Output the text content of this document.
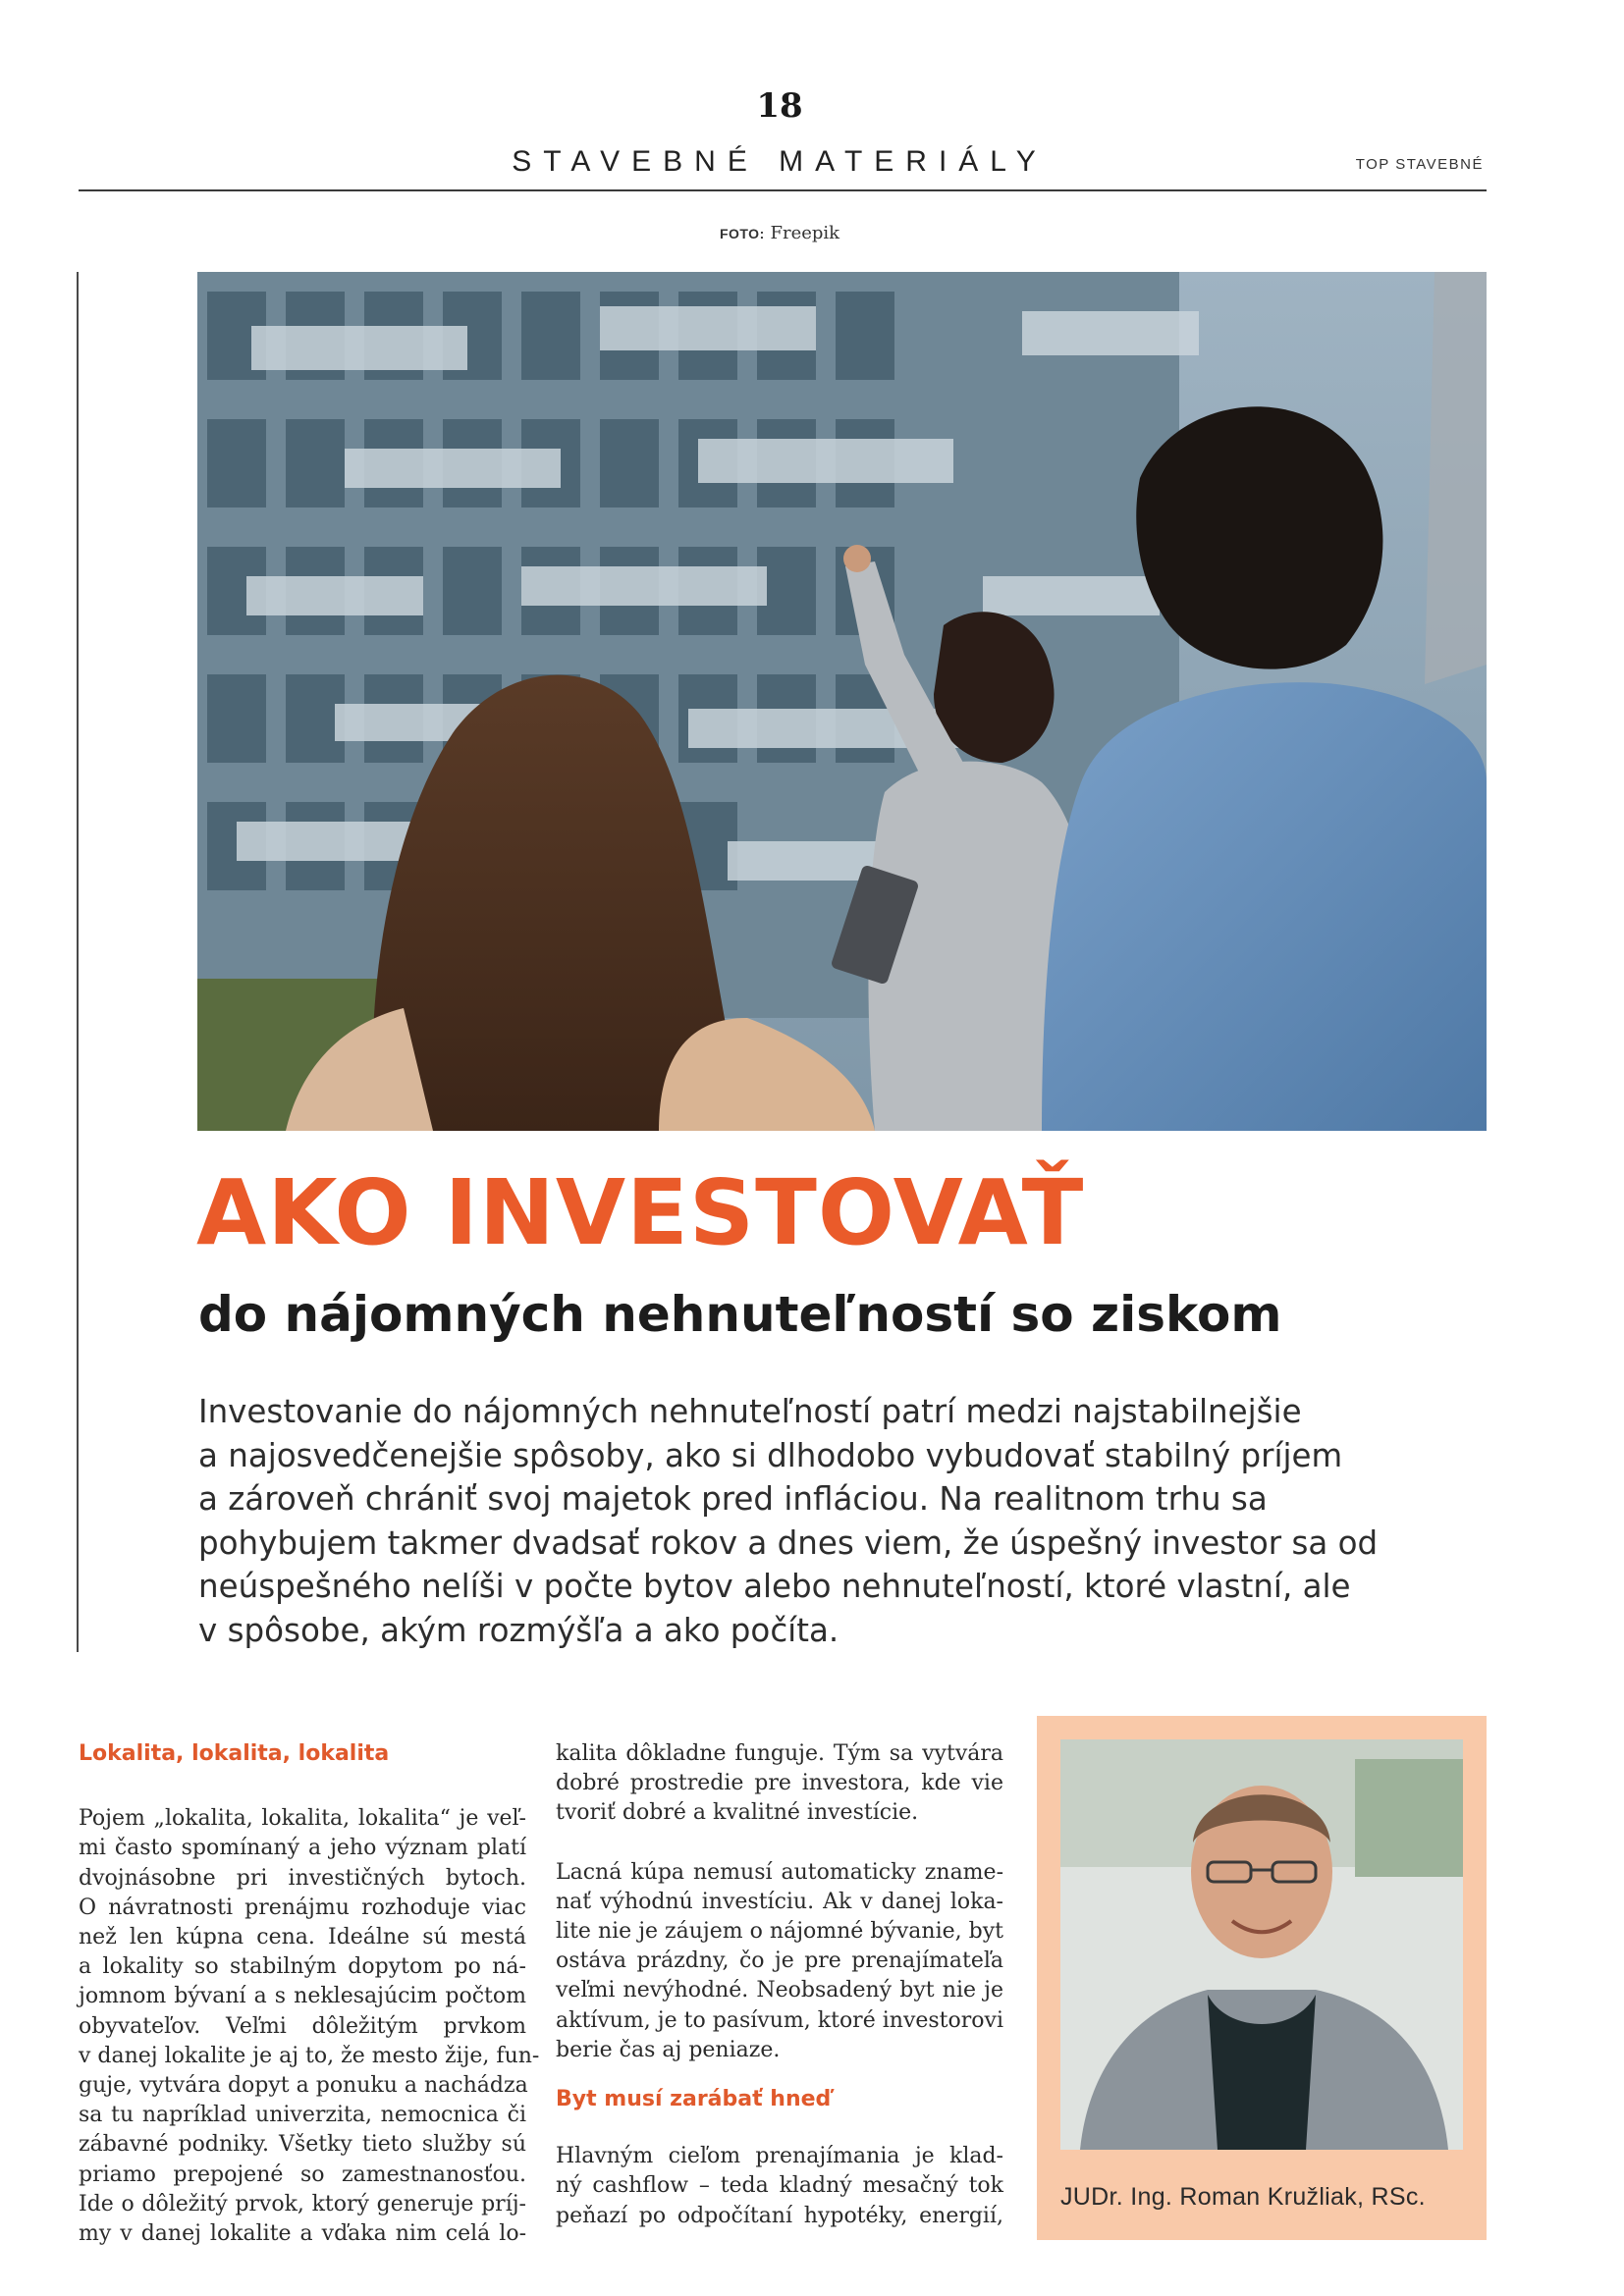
18
STAVEBNÉ MATERIÁLY	TOP STAVEBNÉ
FOTO: Freepik
AKO INVESTOVAŤ
do nájomných nehnuteľností so ziskom
Investovanie do nájomných nehnuteľností patrí medzi najstabilnejšie
a najosvedčenejšie spôsoby, ako si dlhodobo vybudovať stabilný príjem
a zároveň chrániť svoj majetok pred infláciou. Na realitnom trhu sa
pohybujem takmer dvadsať rokov a dnes viem, že úspešný investor sa od
neúspešného nelíši v počte bytov alebo nehnuteľností, ktoré vlastní, ale
v spôsobe, akým rozmýšľa a ako počíta.
Lokalita, lokalita, lokalita
Pojem „lokalita, lokalita, lokalita“ je veľ-
mi často spomínaný a jeho význam platí
dvojnásobne pri investičných bytoch.
O návratnosti prenájmu rozhoduje viac
než len kúpna cena. Ideálne sú mestá
a lokality so stabilným dopytom po ná-
jomnom bývaní a s neklesajúcim počtom
obyvateľov. Veľmi dôležitým prvkom
v danej lokalite je aj to, že mesto žije, fun-
guje, vytvára dopyt a ponuku a nachádza
sa tu napríklad univerzita, nemocnica či
zábavné podniky. Všetky tieto služby sú
priamo prepojené so zamestnanosťou.
Ide o dôležitý prvok, ktorý generuje príj-
my v danej lokalite a vďaka nim celá lo-
kalita dôkladne funguje. Tým sa vytvára
dobré prostredie pre investora, kde vie
tvoriť dobré a kvalitné investície.
Lacná kúpa nemusí automaticky zname-
nať výhodnú investíciu. Ak v danej loka-
lite nie je záujem o nájomné bývanie, byt
ostáva prázdny, čo je pre prenajímateľa
veľmi nevýhodné. Neobsadený byt nie je
aktívum, je to pasívum, ktoré investorovi
berie čas aj peniaze.
Byt musí zarábať hneď
Hlavným cieľom prenajímania je klad-
ný cashflow – teda kladný mesačný tok
peňazí po odpočítaní hypotéky, energií,
JUDr. Ing. Roman Kružliak, RSc.
